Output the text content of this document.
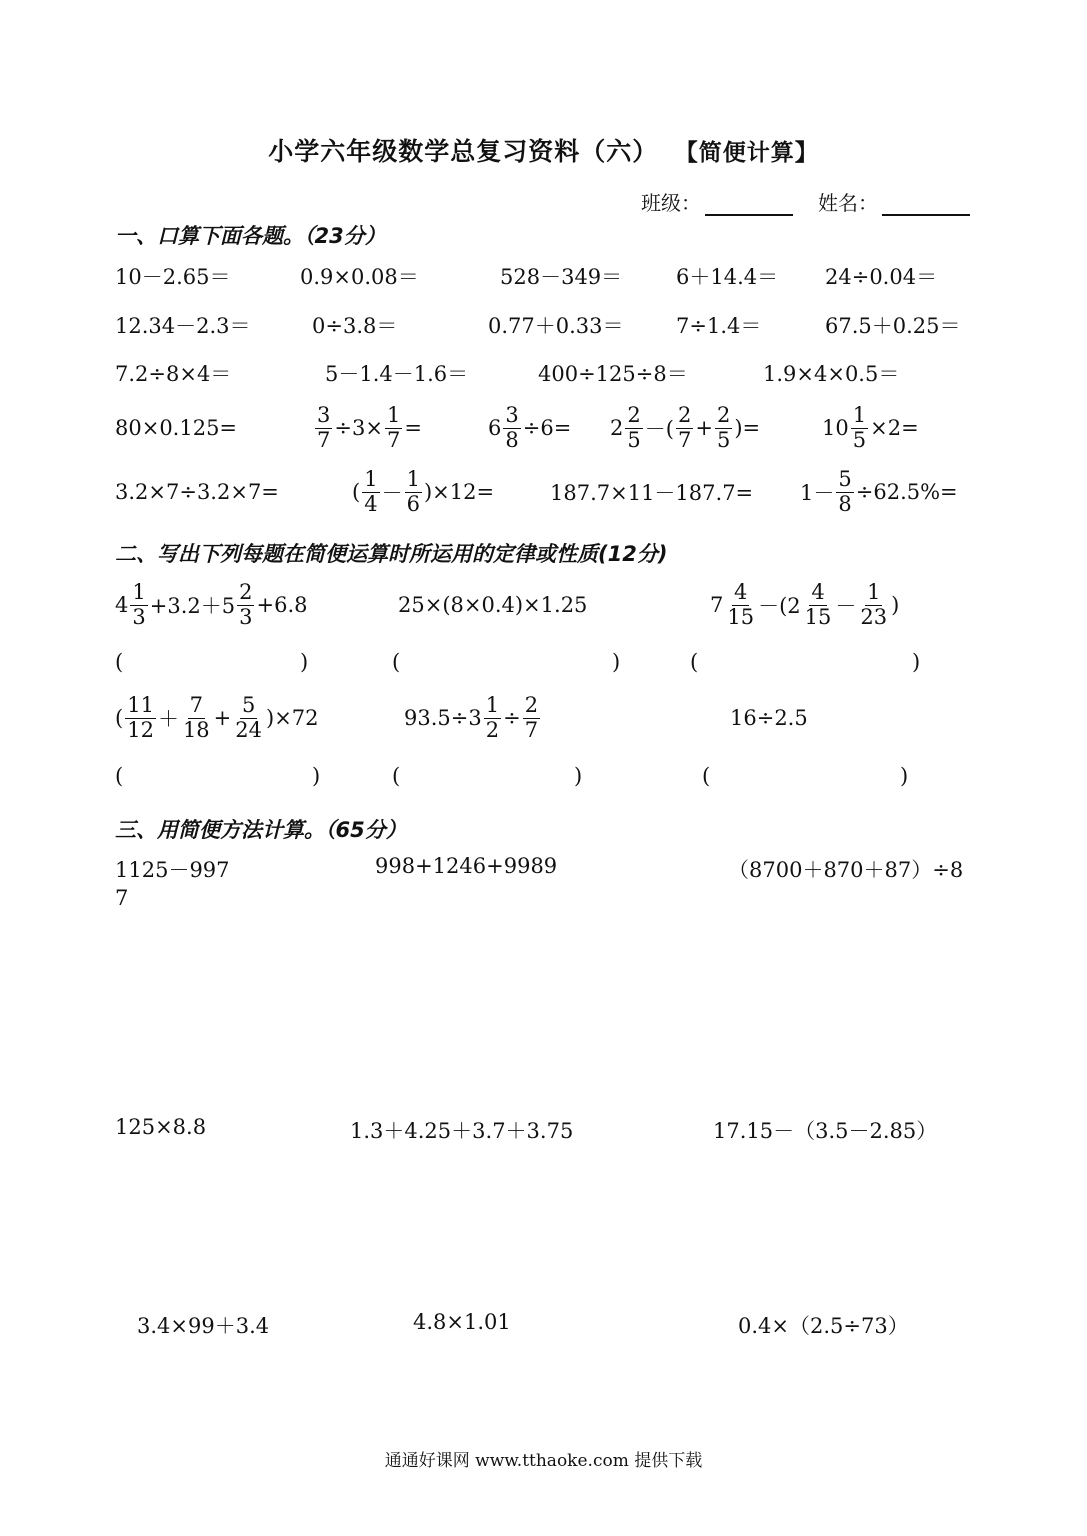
小学六年级数学总复习资料（六） 【简便计算】
班级：	姓名：
一、口算下面各题。（23分）
10－2.65＝	0.9×0.08＝	528－349＝	6＋14.4＝ 24÷0.04＝
12.34－2.3＝	0÷3.8＝	0.77＋0.33＝ 7÷1.4＝	67.5＋0.25＝
7.2÷8×4＝	5－1.4－1.6＝	400÷125÷8＝	1.9×4×0.5＝
80×0.125=	$\frac{3}{7} \div 3\times \frac{1}{7}$ =	$6 \frac{3}{8} \div 6= 2 \frac{2}{5}$ －( $\frac{2}{7} + \frac{2}{5}$ )=	$10 \frac{1}{5} \times 2=$
3.2×7÷3.2×7=	( $\frac{1}{4} - \frac{1}{6} )\times 12=$	$187.7\times 11-187.7= 1- \frac{5}{8} \div 62.5\%=$
二、写出下列每题在简便运算时所运用的定律或性质(12分)
$4 \frac{1}{3} +3.2+5 \frac{2}{3} +6.8$	25×(8×0.4)×1.25	$7 \frac{4}{15} -(2 \frac{4}{15} - \frac{1}{23}$ )
(	)	(	)	(	)
( $\frac{11}{12} + \frac{7}{18} + \frac{5}{24} )\times 72$	$93.5\div 3 \frac{1}{2} \div \frac{2}{7}$	16÷2.5
(	)	(	)	(	)
三、用简便方法计算。（65分）
1125－997	998+1246+9989	（8700＋870＋87）÷8
7
125×8.8	1.3＋4.25＋3.7＋3.75	17.15－（3.5－2.85）
3.4×99＋3.4	4.8×1.01	0.4×（2.5÷73）
通通好课网 www.tthaoke.com 提供下载
